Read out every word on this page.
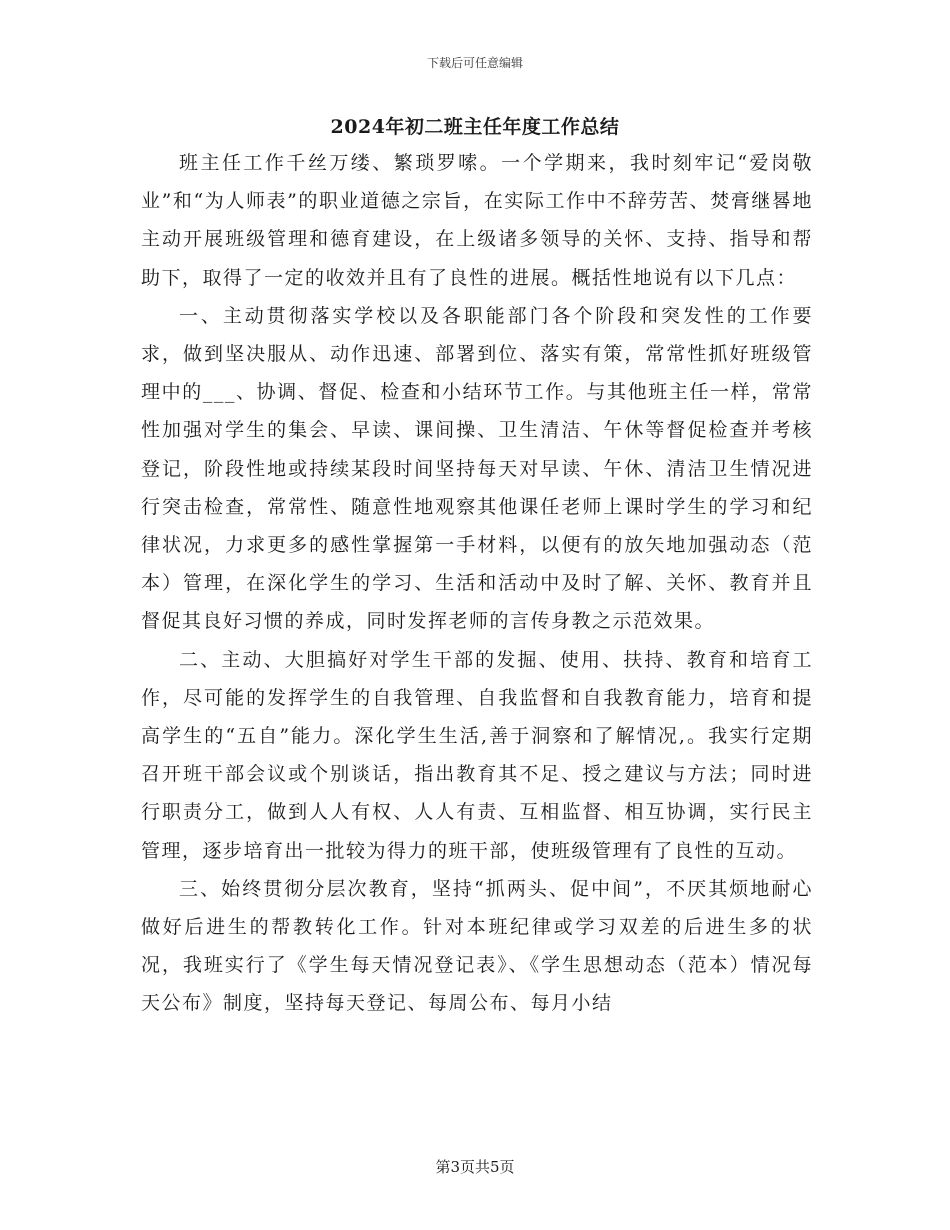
下载后可任意编辑
2024年初二班主任年度工作总结

班主任工作千丝万缕、繁琐罗嗦。一个学期来，我时刻牢记“爱岗敬业”和“为人师表”的职业道德之宗旨，在实际工作中不辞劳苦、焚膏继晷地主动开展班级管理和德育建设，在上级诸多领导的关怀、支持、指导和帮助下，取得了一定的收效并且有了良性的进展。概括性地说有以下几点：

一、主动贯彻落实学校以及各职能部门各个阶段和突发性的工作要求，做到坚决服从、动作迅速、部署到位、落实有策，常常性抓好班级管理中的___、协调、督促、检查和小结环节工作。与其他班主任一样，常常性加强对学生的集会、早读、课间操、卫生清洁、午休等督促检查并考核登记，阶段性地或持续某段时间坚持每天对早读、午休、清洁卫生情况进行突击检查，常常性、随意性地观察其他课任老师上课时学生的学习和纪律状况，力求更多的感性掌握第一手材料，以便有的放矢地加强动态（范本）管理，在深化学生的学习、生活和活动中及时了解、关怀、教育并且督促其良好习惯的养成，同时发挥老师的言传身教之示范效果。

二、主动、大胆搞好对学生干部的发掘、使用、扶持、教育和培育工作，尽可能的发挥学生的自我管理、自我监督和自我教育能力，培育和提高学生的“五自”能力。深化学生生活,善于洞察和了解情况,。我实行定期召开班干部会议或个别谈话，指出教育其不足、授之建议与方法；同时进行职责分工，做到人人有权、人人有责、互相监督、相互协调，实行民主管理，逐步培育出一批较为得力的班干部，使班级管理有了良性的互动。

三、始终贯彻分层次教育，坚持“抓两头、促中间”，不厌其烦地耐心做好后进生的帮教转化工作。针对本班纪律或学习双差的后进生多的状况，我班实行了《学生每天情况登记表》、《学生思想动态（范本）情况每天公布》制度，坚持每天登记、每周公布、每月小结

第3页共5页
